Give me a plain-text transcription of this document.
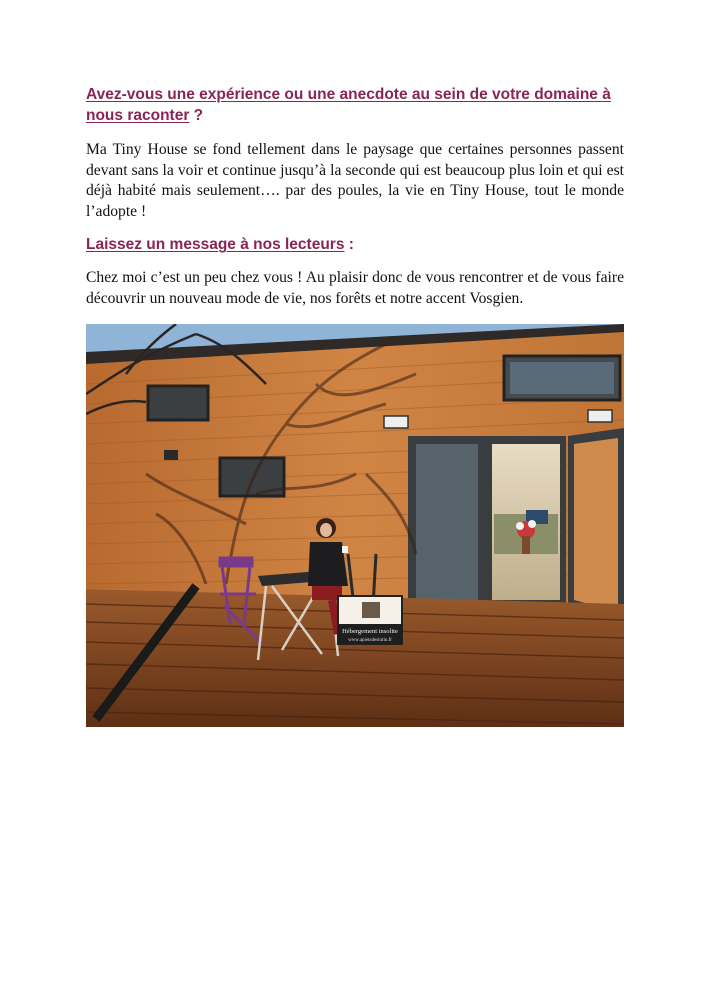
Avez-vous une expérience ou une anecdote au sein de votre domaine à nous raconter ?

Ma Tiny House se fond tellement dans le paysage que certaines personnes passent devant sans la voir et continue jusqu’à la seconde qui est beaucoup plus loin et qui est déjà habité mais seulement…. par des poules, la vie en Tiny House, tout le monde l’adopte !

Laissez un message à nos lecteurs :

Chez moi c’est un peu chez vous ! Au plaisir donc de vous rencontrer et de vous faire découvrir un nouveau mode de vie, nos forêts et notre accent Vosgien.

Hébergement insolite
www.apietsdeslutin.fr
